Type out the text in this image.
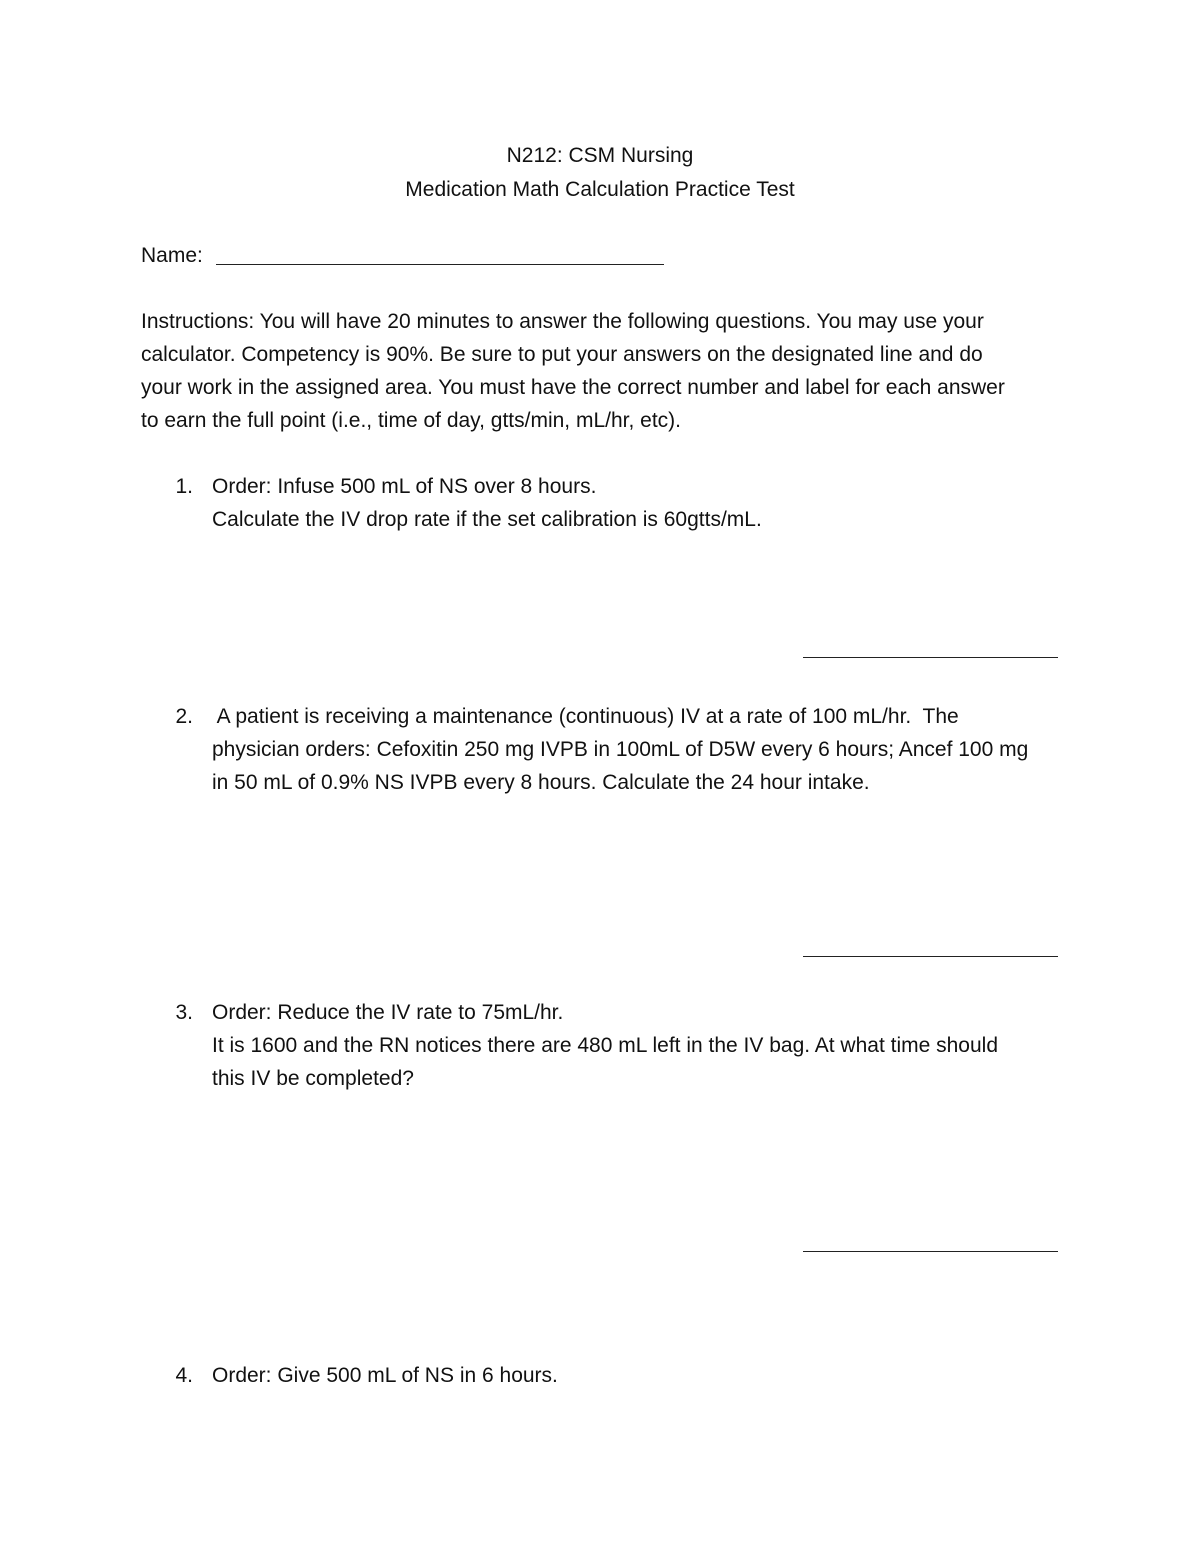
N212: CSM Nursing
Medication Math Calculation Practice Test
Name:
Instructions: You will have 20 minutes to answer the following questions. You may use your
calculator. Competency is 90%. Be sure to put your answers on the designated line and do
your work in the assigned area. You must have the correct number and label for each answer
to earn the full point (i.e., time of day, gtts/min, mL/hr, etc).
1. Order: Infuse 500 mL of NS over 8 hours.
Calculate the IV drop rate if the set calibration is 60gtts/mL.
2. A patient is receiving a maintenance (continuous) IV at a rate of 100 mL/hr.  The
physician orders: Cefoxitin 250 mg IVPB in 100mL of D5W every 6 hours; Ancef 100 mg
in 50 mL of 0.9% NS IVPB every 8 hours. Calculate the 24 hour intake.
3. Order: Reduce the IV rate to 75mL/hr.
It is 1600 and the RN notices there are 480 mL left in the IV bag. At what time should
this IV be completed?
4. Order: Give 500 mL of NS in 6 hours.
